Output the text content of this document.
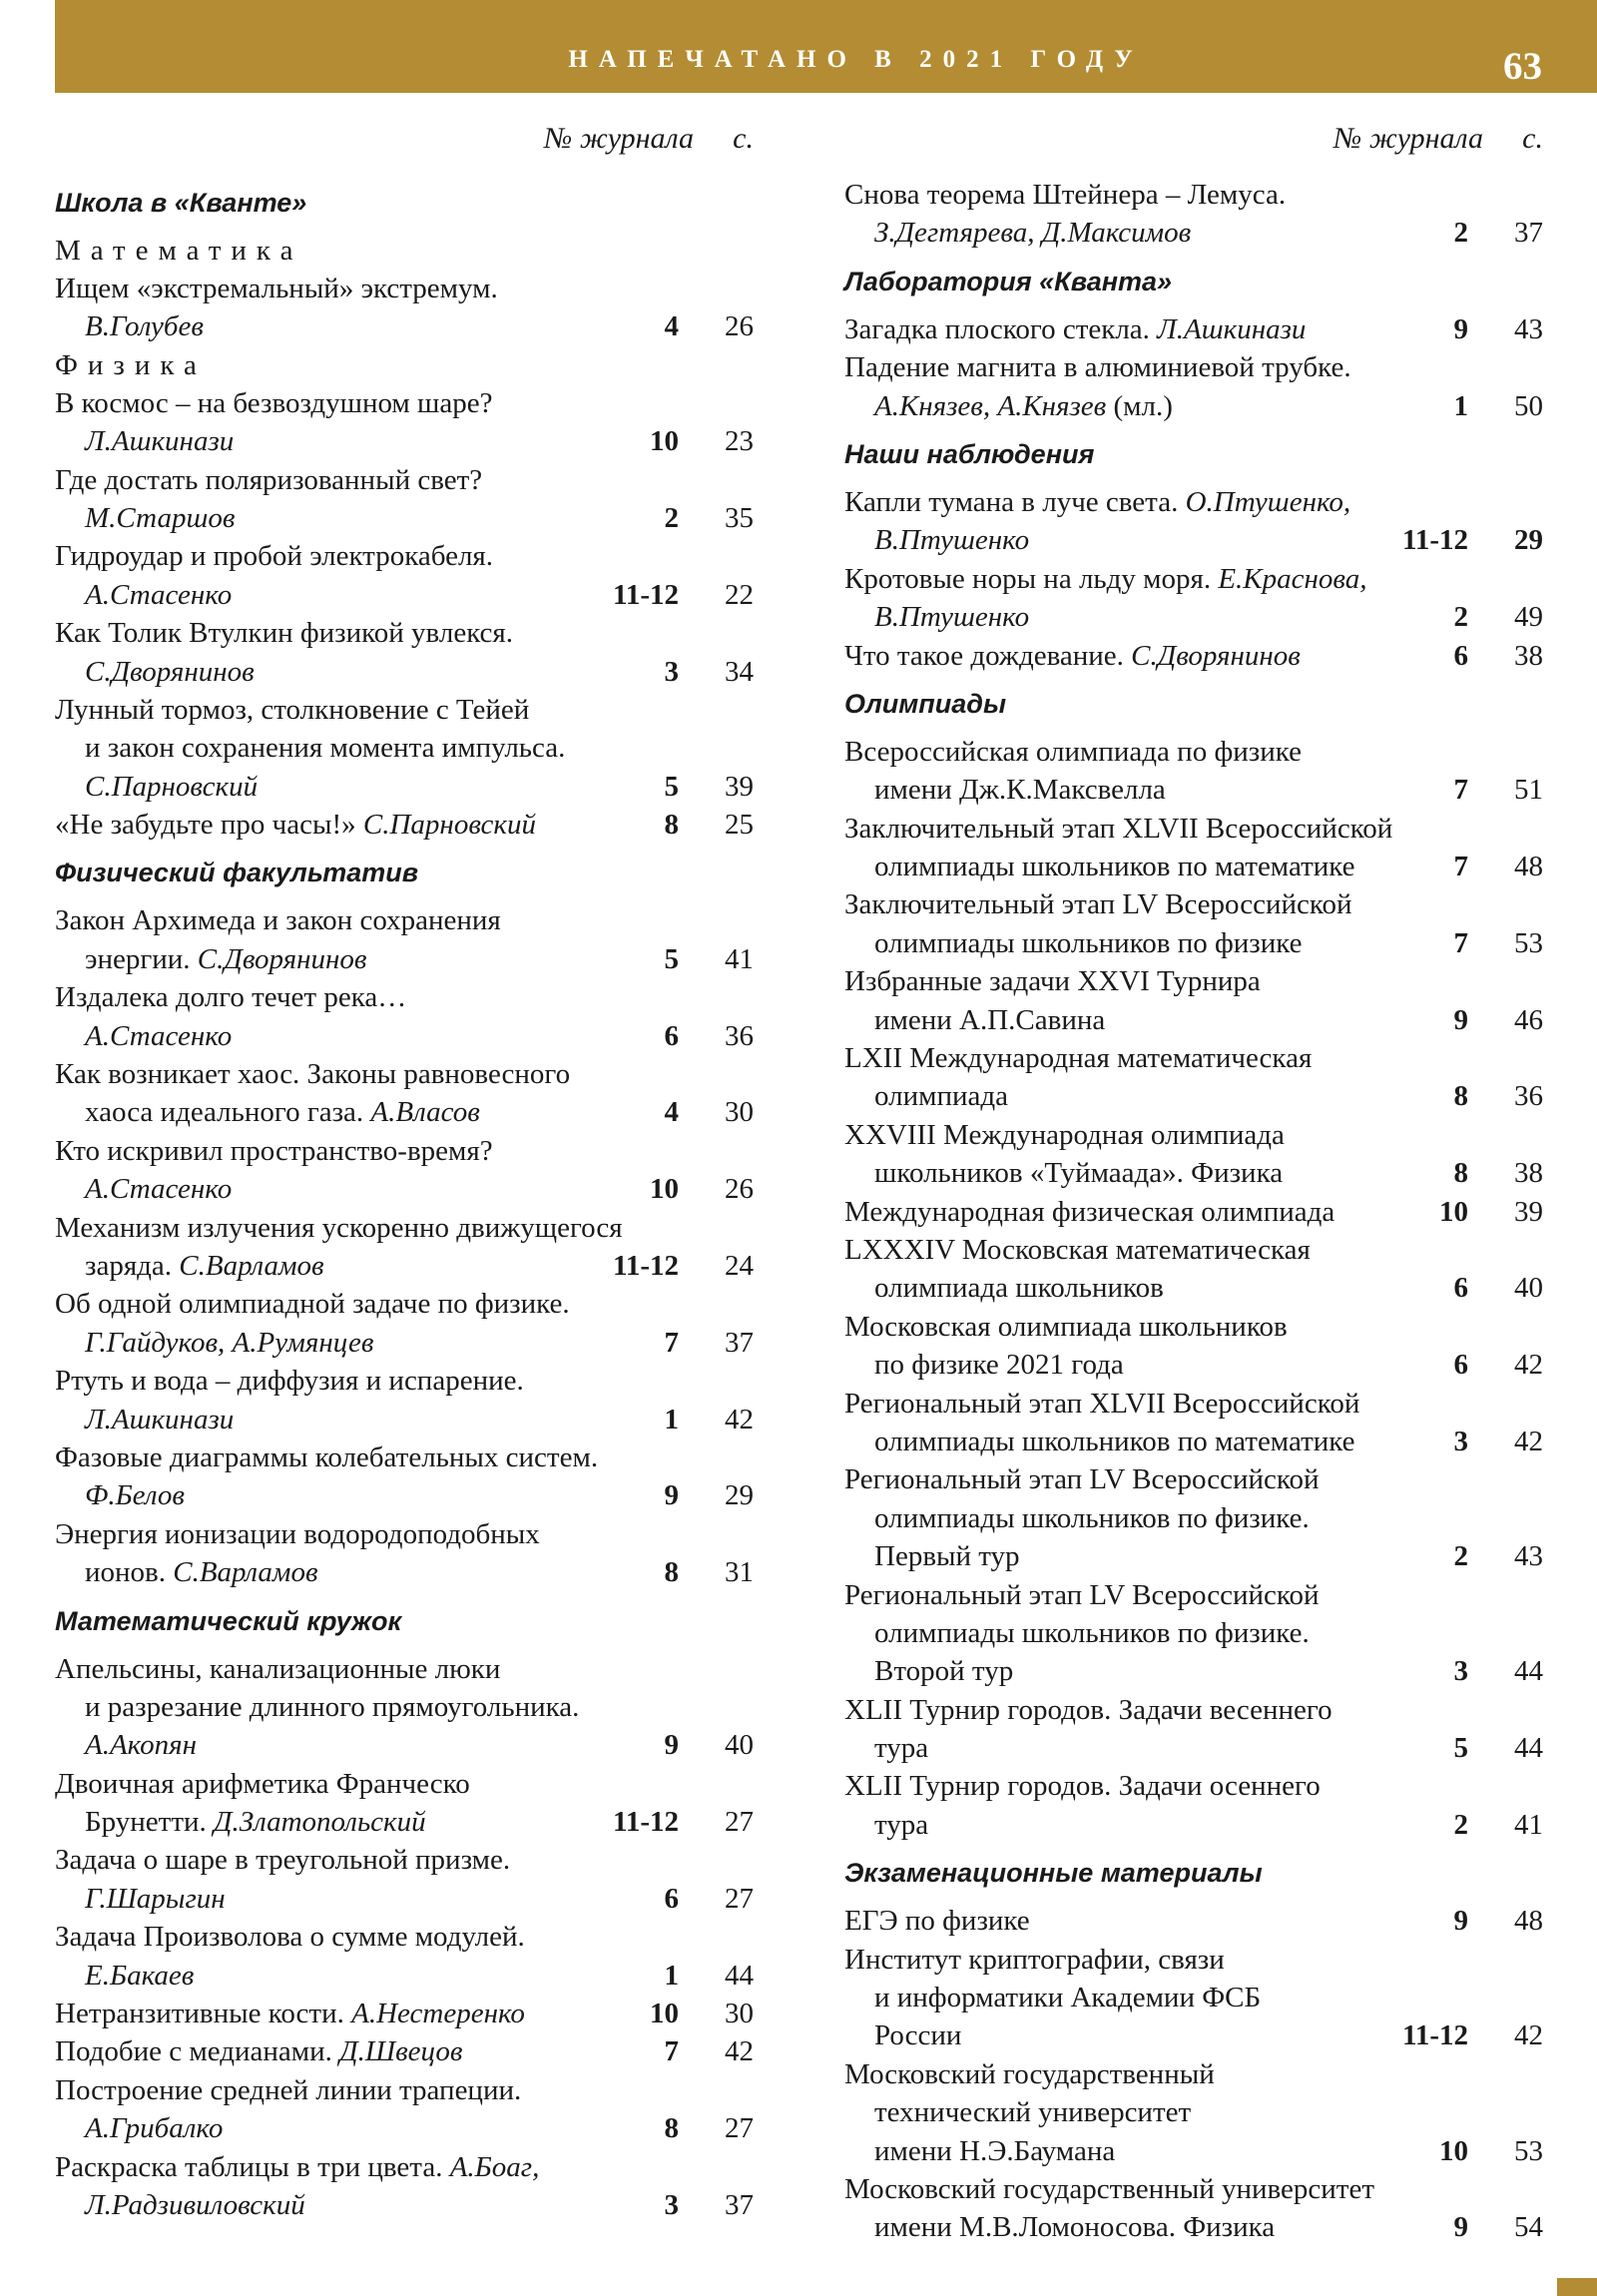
НАПЕЧАТАНО В 2021 ГОДУ	63
№ журнала с.
Школа в «Кванте»
Математика
Ищем «экстремальный» экстремум.
В.Голубев	4	26
Физика
В космос – на безвоздушном шаре?
Л.Ашкинази	10	23
Где достать поляризованный свет?
М.Старшов	2	35
Гидроудар и пробой электрокабеля.
А.Стасенко	11-12	22
Как Толик Втулкин физикой увлекся.
С.Дворянинов	3	34
Лунный тормоз, столкновение с Тейей
и закон сохранения момента импульса.
С.Парновский	5	39
«Не забудьте про часы!» С.Парновский	8	25
Физический факультатив
Закон Архимеда и закон сохранения
энергии. С.Дворянинов	5	41
Издалека долго течет река…
А.Стасенко	6	36
Как возникает хаос. Законы равновесного
хаоса идеального газа. А.Власов	4	30
Кто искривил пространство-время?
А.Стасенко	10	26
Механизм излучения ускоренно движущегося
заряда. С.Варламов	11-12	24
Об одной олимпиадной задаче по физике.
Г.Гайдуков, А.Румянцев	7	37
Ртуть и вода – диффузия и испарение.
Л.Ашкинази	1	42
Фазовые диаграммы колебательных систем.
Ф.Белов	9	29
Энергия ионизации водородоподобных
ионов. С.Варламов	8	31
Математический кружок
Апельсины, канализационные люки
и разрезание длинного прямоугольника.
А.Акопян	9	40
Двоичная арифметика Франческо
Брунетти. Д.Златопольский	11-12	27
Задача о шаре в треугольной призме.
Г.Шарыгин	6	27
Задача Произволова о сумме модулей.
Е.Бакаев	1	44
Нетранзитивные кости. А.Нестеренко	10	30
Подобие с медианами. Д.Швецов	7	42
Построение средней линии трапеции.
А.Грибалко	8	27
Раскраска таблицы в три цвета. А.Боаг,
Л.Радзивиловский	3	37
№ журнала с.
Снова теорема Штейнера – Лемуса.
З.Дегтярева, Д.Максимов	2	37
Лаборатория «Кванта»
Загадка плоского стекла. Л.Ашкинази	9	43
Падение магнита в алюминиевой трубке.
А.Князев, А.Князев (мл.)	1	50
Наши наблюдения
Капли тумана в луче света. О.Птушенко,
В.Птушенко	11-12	29
Кротовые норы на льду моря. Е.Краснова,
В.Птушенко	2	49
Что такое дождевание. С.Дворянинов	6	38
Олимпиады
Всероссийская олимпиада по физике
имени Дж.К.Максвелла	7	51
Заключительный этап XLVII Всероссийской
олимпиады школьников по математике	7	48
Заключительный этап LV Всероссийской
олимпиады школьников по физике	7	53
Избранные задачи XXVI Турнира
имени А.П.Савина	9	46
LXII Международная математическая
олимпиада	8	36
XXVIII Международная олимпиада
школьников «Туймаада». Физика	8	38
Международная физическая олимпиада	10	39
LXXXIV Московская математическая
олимпиада школьников	6	40
Московская олимпиада школьников
по физике 2021 года	6	42
Региональный этап XLVII Всероссийской
олимпиады школьников по математике	3	42
Региональный этап LV Всероссийской
олимпиады школьников по физике.
Первый тур	2	43
Региональный этап LV Всероссийской
олимпиады школьников по физике.
Второй тур	3	44
XLII Турнир городов. Задачи весеннего
тура	5	44
XLII Турнир городов. Задачи осеннего
тура	2	41
Экзаменационные материалы
ЕГЭ по физике	9	48
Институт криптографии, связи
и информатики Академии ФСБ
России	11-12	42
Московский государственный
технический университет
имени Н.Э.Баумана	10	53
Московский государственный университет
имени М.В.Ломоносова. Физика	9	54
